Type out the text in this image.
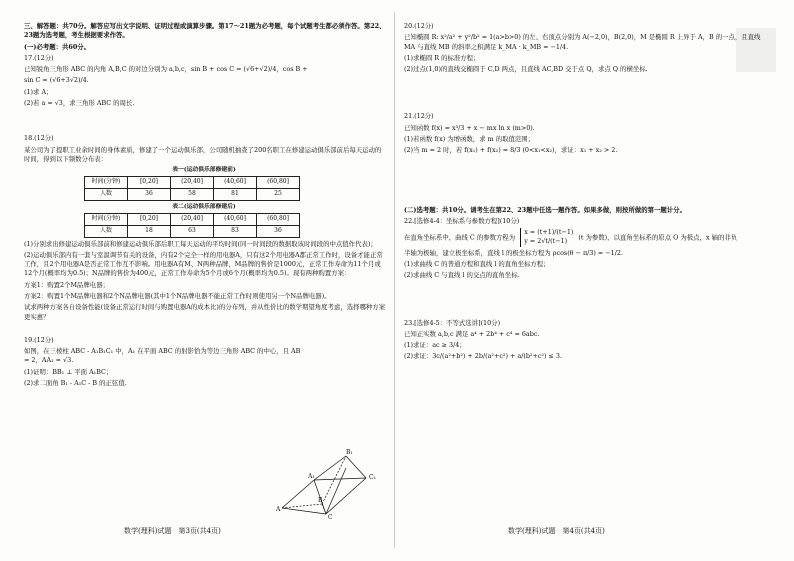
三、解答题：共70分。解答应写出文字说明、证明过程或演算步骤。第17～21题为必考题，每个试题考生都必须作答。第22、23题为选考题，考生根据要求作答。

(一)必考题：共60分。

17.(12分)

已知锐角三角形 ABC 的内角 A,B,C 的对边分别为 a,b,c，sin B + cos C = (√6+√2)/4，cos B +

sin C = (√6+3√2)/4.

(1)求 A；

(2)若 a = √3，求三角形 ABC 的周长.

18.(12分)

某公司为了提职工业余时间的身体素质，修建了一个运动俱乐部，公司随机抽查了200名职工在修建运动俱乐部前后每天运动的时间，得到以下频数分布表：

表一(运动俱乐部修建前)
时间(分钟)	[0,20]	(20,40]	(40,60]	(60,80]
人数	36	58	81	25
表二(运动俱乐部修建后)
时间(分钟)	[0,20]	(20,40]	(40,60]	(60,80]
人数	18	63	83	36

(1)分别求出修建运动俱乐部前和修建运动俱乐部后职工每天运动的平均时间(同一时间段的数据取该时间段的中点值作代表)；

(2)运动俱乐部内有一套与室温调节有关的设备，内有2个完全一样的用电器A，只有这2个用电器A都正常工作时，设备才能正常工作，且2个用电器A是否正常工作互不影响。用电器A有M、N两种品牌，M品牌的售价是1000元，正常工作寿命为11个月或12个月(概率均为0.5)；N品牌的售价为400元，正常工作寿命为5个月或6个月(概率均为0.5)。现有两种购置方案：

方案1：购置2个M品牌电器；

方案2：购置1个M品牌电器和2个N品牌电器(其中1个N品牌电器不能正常工作时则使用另一个N品牌电器)。

试求两种方案各自设备性能(设备正常运行时间与购置电器A的成本比)的分布列，并从性价比的数学期望角度考虑，选择哪种方案更实惠？

19.(12分)

如图，在三棱柱 ABC - A₁B₁C₁ 中，A₁ 在平面 ABC 的射影恰为等边三角形 ABC 的中心，且 AB = 2，AA₁ = √3.

(1)证明：BB₁ ⊥ 平面 A₁BC；

(2)求二面角 B₁ - A₁C - B 的正弦值.

B₁
A₁	C₁
A
B
C

20.(12分)

已知椭圆 R: x²/a² + y²/b² = 1(a>b>0) 的左、右顶点分别为 A(−2,0)，B(2,0)，M 是椭圆 R 上异于 A，B 的一点，且直线 MA 与直线 MB 的斜率之积满足 k_MA · k_MB = −1/4.

(1)求椭圆 R 的标准方程；

(2)过点(1,0)的直线交椭圆于 C,D 两点，且直线 AC,BD 交于点 Q，求点 Q 的横坐标.

21.(12分)

已知函数 f(x) = x³/3 + x − mx ln x (m>0).

(1)若函数 f(x) 为增函数，求 m 的取值范围；

(2)当 m = 2 时，若 f(x₁) + f(x₂) = 8/3 (0<x₁<x₂)，求证：x₁ + x₂ > 2.

(二)选考题：共10分。请考生在第22、23题中任选一题作答。如果多做，则按所做的第一题计分。

22.[选修4-4：坐标系与参数方程](10分)

在直角坐标系中，曲线 C 的参数方程为
x = (t+1)/(t−1)
y = 2√t/(t−1)	(t 为参数)，以直角坐标系的原点 O 为极点，x 轴的非负

半轴为极轴，建立极坐标系，直线 l 的极坐标方程为 ρcos(θ − π/3) = −1/2.

(1)求曲线 C 的普通方程和直线 l 的直角坐标方程；

(2)求曲线 C 与直线 l 的交点的直角坐标.

23.[选修4-5：不等式选讲](10分)

已知正实数 a,b,c 满足 a⁴ + 2b⁴ + c⁴ = 6abc.

(1)求证：ac ≥ 3/4；

(2)求证：3c/(a²+b²) + 2b/(a²+c²) + a/(b²+c²) ≤ 3.

数学(理科)试题　第3页(共4页)	数学(理科)试题　第4页(共4页)
